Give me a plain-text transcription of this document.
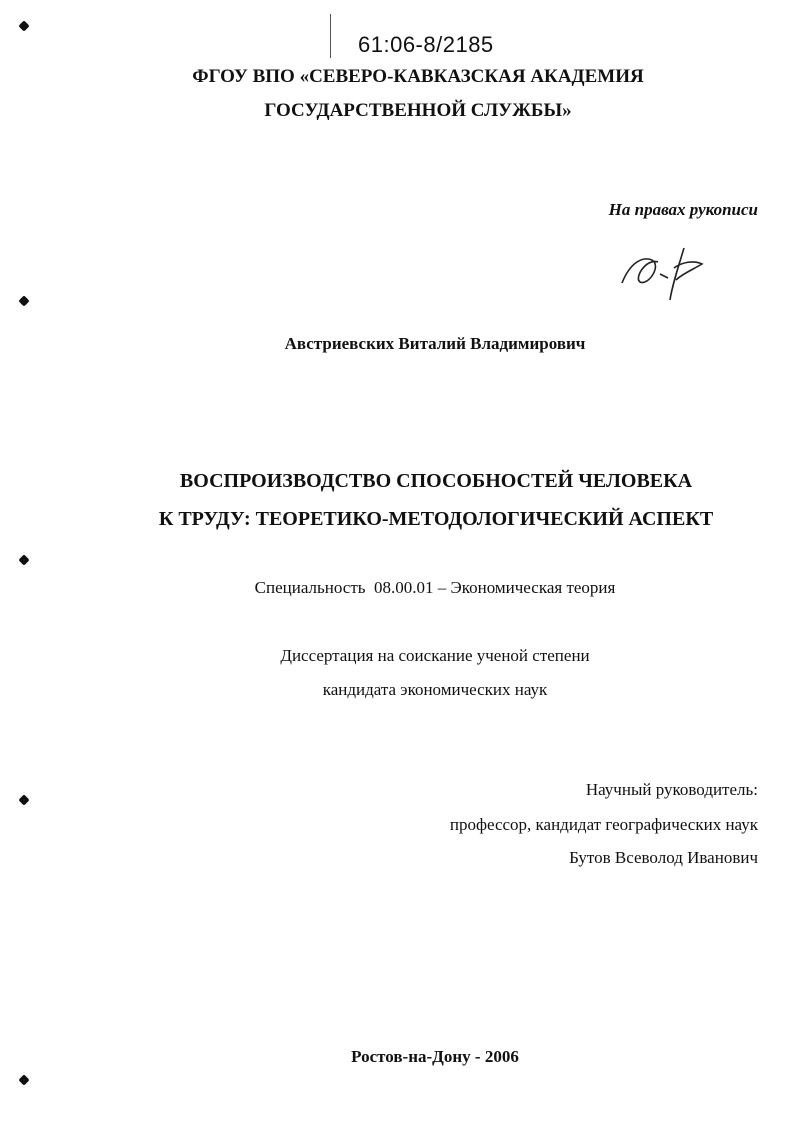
61:06-8/2185
ФГОУ ВПО «СЕВЕРО-КАВКАЗСКАЯ АКАДЕМИЯ
ГОСУДАРСТВЕННОЙ СЛУЖБЫ»
На правах рукописи
Австриевских Виталий Владимирович
ВОСПРОИЗВОДСТВО СПОСОБНОСТЕЙ ЧЕЛОВЕКА
К ТРУДУ: ТЕОРЕТИКО-МЕТОДОЛОГИЧЕСКИЙ АСПЕКТ
Специальность  08.00.01 – Экономическая теория
Диссертация на соискание ученой степени
кандидата экономических наук
Научный руководитель:
профессор, кандидат географических наук
Бутов Всеволод Иванович
Ростов-на-Дону - 2006
